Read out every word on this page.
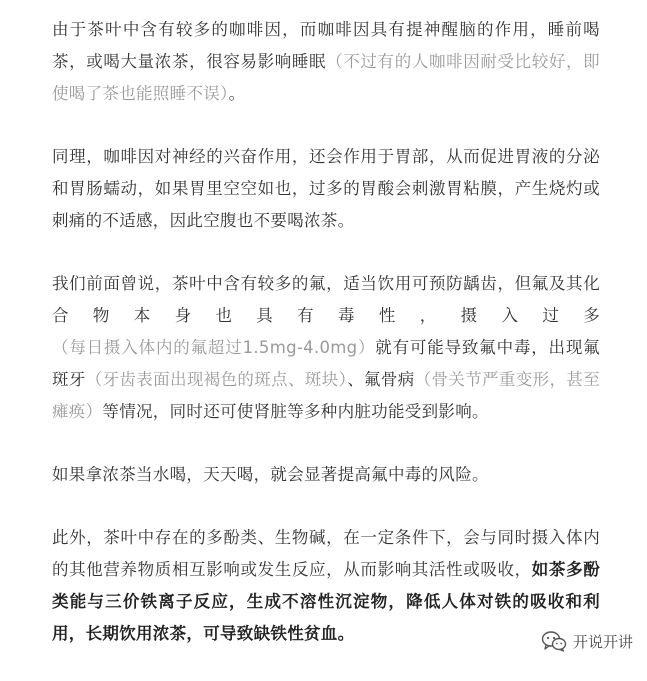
由于茶叶中含有较多的咖啡因，而咖啡因具有提神醒脑的作用，睡前喝茶，或喝大量浓茶，很容易影响睡眠（不过有的人咖啡因耐受比较好，即使喝了茶也能照睡不误）。

同理，咖啡因对神经的兴奋作用，还会作用于胃部，从而促进胃液的分泌和胃肠蠕动，如果胃里空空如也，过多的胃酸会刺激胃粘膜，产生烧灼或刺痛的不适感，因此空腹也不要喝浓茶。

我们前面曾说，茶叶中含有较多的氟，适当饮用可预防龋齿，但氟及其化合物本身也具有毒性，摄入过多（每日摄入体内的氟超过1.5mg-4.0mg）就有可能导致氟中毒，出现氟斑牙（牙齿表面出现褐色的斑点、斑块）、氟骨病（骨关节严重变形，甚至瘫痪）等情况，同时还可使肾脏等多种内脏功能受到影响。

如果拿浓茶当水喝，天天喝，就会显著提高氟中毒的风险。

此外，茶叶中存在的多酚类、生物碱，在一定条件下，会与同时摄入体内的其他营养物质相互影响或发生反应，从而影响其活性或吸收，如茶多酚类能与三价铁离子反应，生成不溶性沉淀物，降低人体对铁的吸收和利用，长期饮用浓茶，可导致缺铁性贫血。	开说开讲
